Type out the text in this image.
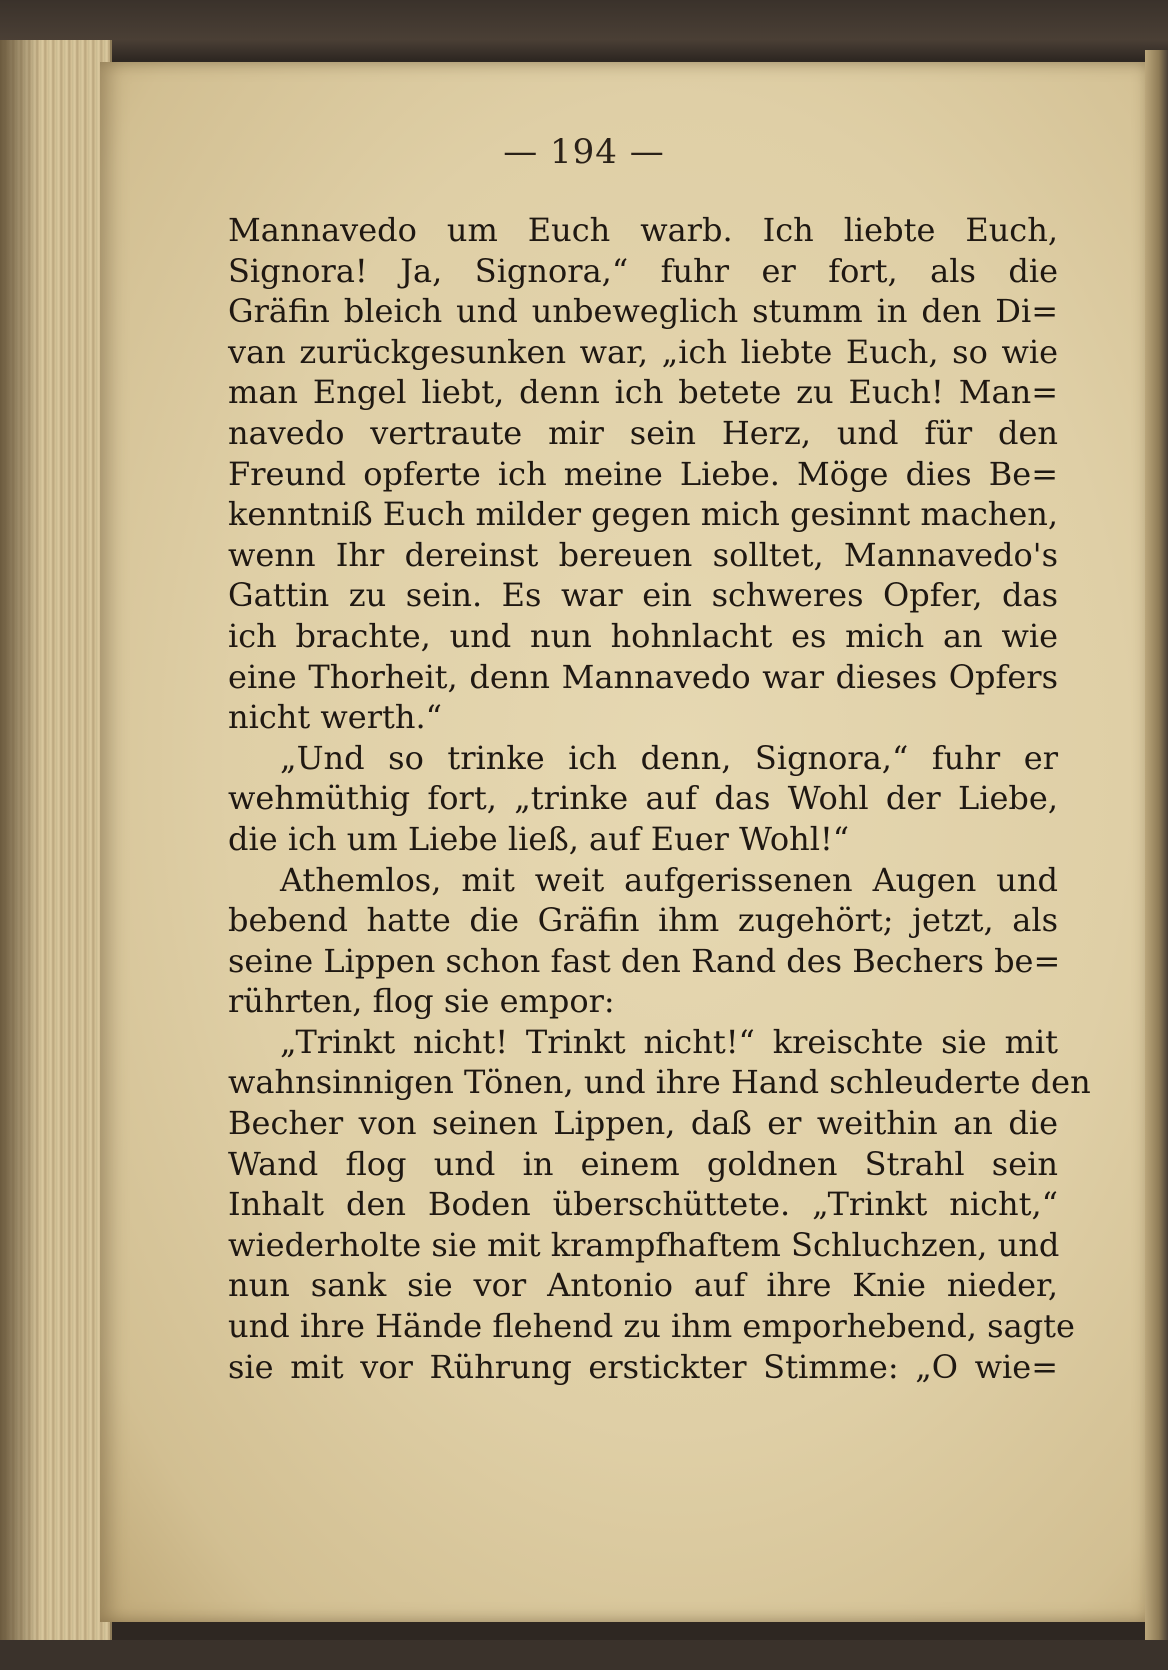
— 194 —
Mannavedo um Euch warb. Ich liebte Euch,
Signora! Ja, Signora,“ fuhr er fort, als die
Gräfin bleich und unbeweglich stumm in den Di=
van zurückgesunken war, „ich liebte Euch, so wie
man Engel liebt, denn ich betete zu Euch! Man=
navedo vertraute mir sein Herz, und für den
Freund opferte ich meine Liebe. Möge dies Be=
kenntniß Euch milder gegen mich gesinnt machen,
wenn Ihr dereinst bereuen solltet, Mannavedo's
Gattin zu sein. Es war ein schweres Opfer, das
ich brachte, und nun hohnlacht es mich an wie
eine Thorheit, denn Mannavedo war dieses Opfers
nicht werth.“
„Und so trinke ich denn, Signora,“ fuhr er
wehmüthig fort, „trinke auf das Wohl der Liebe,
die ich um Liebe ließ, auf Euer Wohl!“
Athemlos, mit weit aufgerissenen Augen und
bebend hatte die Gräfin ihm zugehört; jetzt, als
seine Lippen schon fast den Rand des Bechers be=
rührten, flog sie empor:
„Trinkt nicht! Trinkt nicht!“ kreischte sie mit
wahnsinnigen Tönen, und ihre Hand schleuderte den
Becher von seinen Lippen, daß er weithin an die
Wand flog und in einem goldnen Strahl sein
Inhalt den Boden überschüttete. „Trinkt nicht,“
wiederholte sie mit krampfhaftem Schluchzen, und
nun sank sie vor Antonio auf ihre Knie nieder,
und ihre Hände flehend zu ihm emporhebend, sagte
sie mit vor Rührung erstickter Stimme: „O wie=
